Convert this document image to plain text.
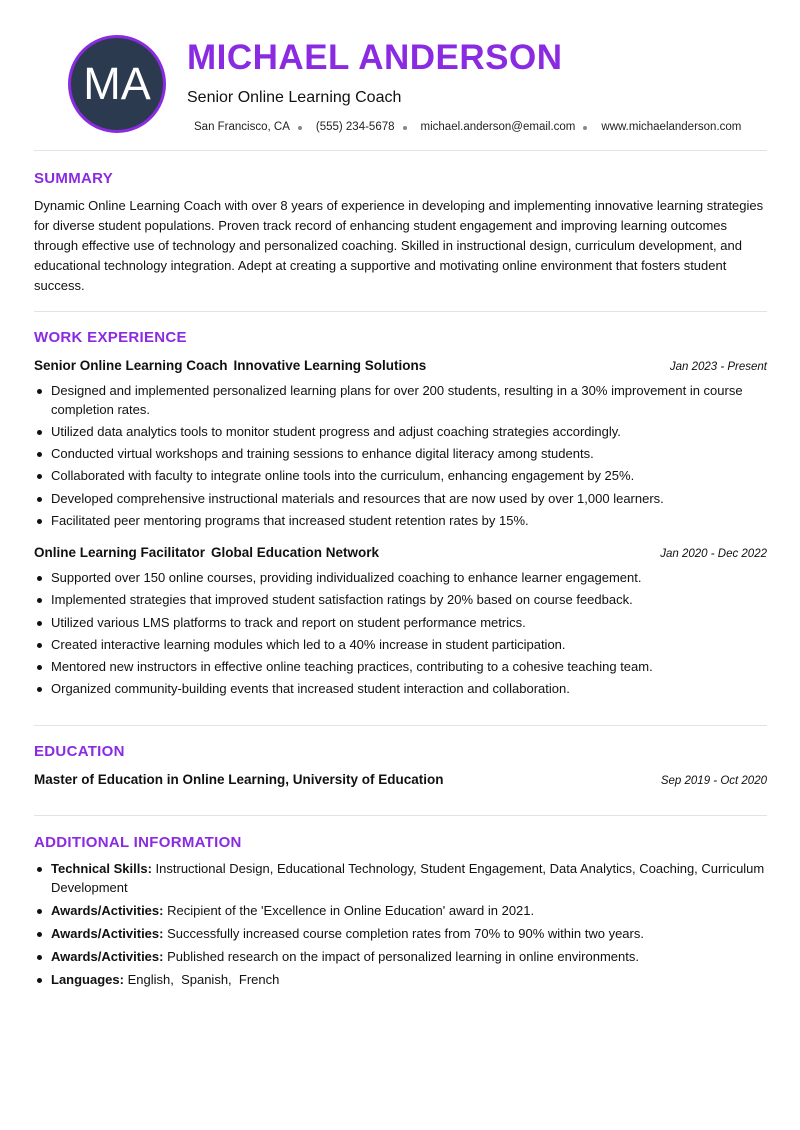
MA
MICHAEL ANDERSON
Senior Online Learning Coach
San Francisco, CA (555) 234-5678 michael.anderson@email.com www.michaelanderson.com
SUMMARY
Dynamic Online Learning Coach with over 8 years of experience in developing and implementing innovative learning strategies for diverse student populations. Proven track record of enhancing student engagement and improving learning outcomes through effective use of technology and personalized coaching. Skilled in instructional design, curriculum development, and educational technology integration. Adept at creating a supportive and motivating online environment that fosters student success.
WORK EXPERIENCE
Senior Online Learning Coach Innovative Learning Solutions	Jan 2023 - Present
Designed and implemented personalized learning plans for over 200 students, resulting in a 30% improvement in course completion rates.
Utilized data analytics tools to monitor student progress and adjust coaching strategies accordingly.
Conducted virtual workshops and training sessions to enhance digital literacy among students.
Collaborated with faculty to integrate online tools into the curriculum, enhancing engagement by 25%.
Developed comprehensive instructional materials and resources that are now used by over 1,000 learners.
Facilitated peer mentoring programs that increased student retention rates by 15%.
Online Learning Facilitator Global Education Network	Jan 2020 - Dec 2022
Supported over 150 online courses, providing individualized coaching to enhance learner engagement.
Implemented strategies that improved student satisfaction ratings by 20% based on course feedback.
Utilized various LMS platforms to track and report on student performance metrics.
Created interactive learning modules which led to a 40% increase in student participation.
Mentored new instructors in effective online teaching practices, contributing to a cohesive teaching team.
Organized community-building events that increased student interaction and collaboration.
EDUCATION
Master of Education in Online Learning, University of Education	Sep 2019 - Oct 2020
ADDITIONAL INFORMATION
Technical Skills: Instructional Design, Educational Technology, Student Engagement, Data Analytics, Coaching, Curriculum Development
Awards/Activities: Recipient of the 'Excellence in Online Education' award in 2021.
Awards/Activities: Successfully increased course completion rates from 70% to 90% within two years.
Awards/Activities: Published research on the impact of personalized learning in online environments.
Languages: English,  Spanish,  French
